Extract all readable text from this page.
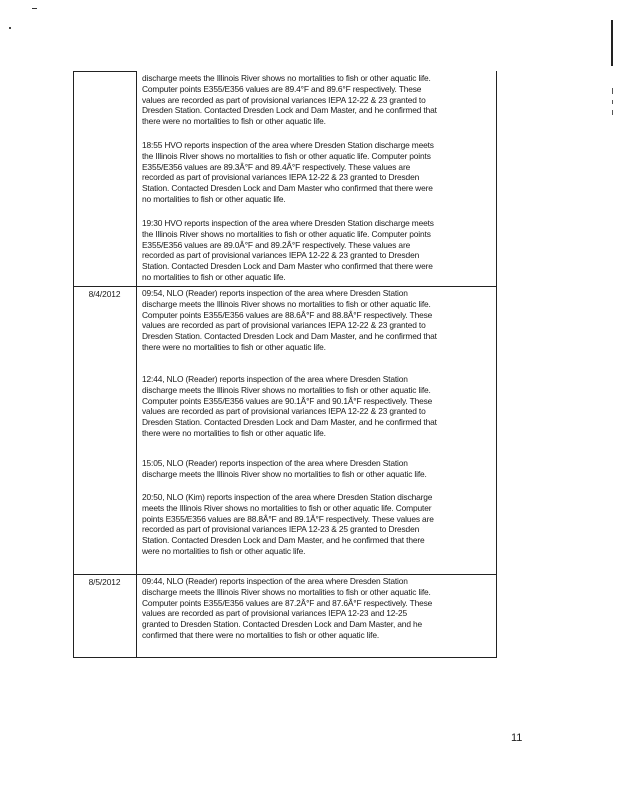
discharge meets the Illinois River shows no mortalities to fish or other aquatic life.
Computer points E355/E356 values are 89.4°F and 89.6°F respectively. These
values are recorded as part of provisional variances IEPA 12-22 & 23 granted to
Dresden Station. Contacted Dresden Lock and Dam Master, and he confirmed that
there were no mortalities to fish or other aquatic life.

18:55 HVO reports inspection of the area where Dresden Station discharge meets
the Illinois River shows no mortalities to fish or other aquatic life. Computer points
E355/E356 values are 89.3Â°F and 89.4Â°F respectively. These values are
recorded as part of provisional variances IEPA 12-22 & 23 granted to Dresden
Station. Contacted Dresden Lock and Dam Master who confirmed that there were
no mortalities to fish or other aquatic life.

19:30 HVO reports inspection of the area where Dresden Station discharge meets
the Illinois River shows no mortalities to fish or other aquatic life. Computer points
E355/E356 values are 89.0Â°F and 89.2Â°F respectively. These values are
recorded as part of provisional variances IEPA 12-22 & 23 granted to Dresden
Station. Contacted Dresden Lock and Dam Master who confirmed that there were
no mortalities to fish or other aquatic life.

8/4/2012	09:54, NLO (Reader) reports inspection of the area where Dresden Station
discharge meets the Illinois River shows no mortalities to fish or other aquatic life.
Computer points E355/E356 values are 88.6Â°F and 88.8Â°F respectively. These
values are recorded as part of provisional variances IEPA 12-22 & 23 granted to
Dresden Station. Contacted Dresden Lock and Dam Master, and he confirmed that
there were no mortalities to fish or other aquatic life.

12:44, NLO (Reader) reports inspection of the area where Dresden Station
discharge meets the Illinois River shows no mortalities to fish or other aquatic life.
Computer points E355/E356 values are 90.1Â°F and 90.1Â°F respectively. These
values are recorded as part of provisional variances IEPA 12-22 & 23 granted to
Dresden Station. Contacted Dresden Lock and Dam Master, and he confirmed that
there were no mortalities to fish or other aquatic life.

15:05, NLO (Reader) reports inspection of the area where Dresden Station
discharge meets the Illinois River show no mortalities to fish or other aquatic life.

20:50, NLO (Kim) reports inspection of the area where Dresden Station discharge
meets the Illinois River shows no mortalities to fish or other aquatic life. Computer
points E355/E356 values are 88.8Â°F and 89.1Â°F respectively. These values are
recorded as part of provisional variances IEPA 12-23 & 25 granted to Dresden
Station. Contacted Dresden Lock and Dam Master, and he confirmed that there
were no mortalities to fish or other aquatic life.

8/5/2012	09:44, NLO (Reader) reports inspection of the area where Dresden Station
discharge meets the Illinois River shows no mortalities to fish or other aquatic life.
Computer points E355/E356 values are 87.2Â°F and 87.6Â°F respectively. These
values are recorded as part of provisional variances IEPA 12-23 and 12-25
granted to Dresden Station. Contacted Dresden Lock and Dam Master, and he
confirmed that there were no mortalities to fish or other aquatic life.

11
